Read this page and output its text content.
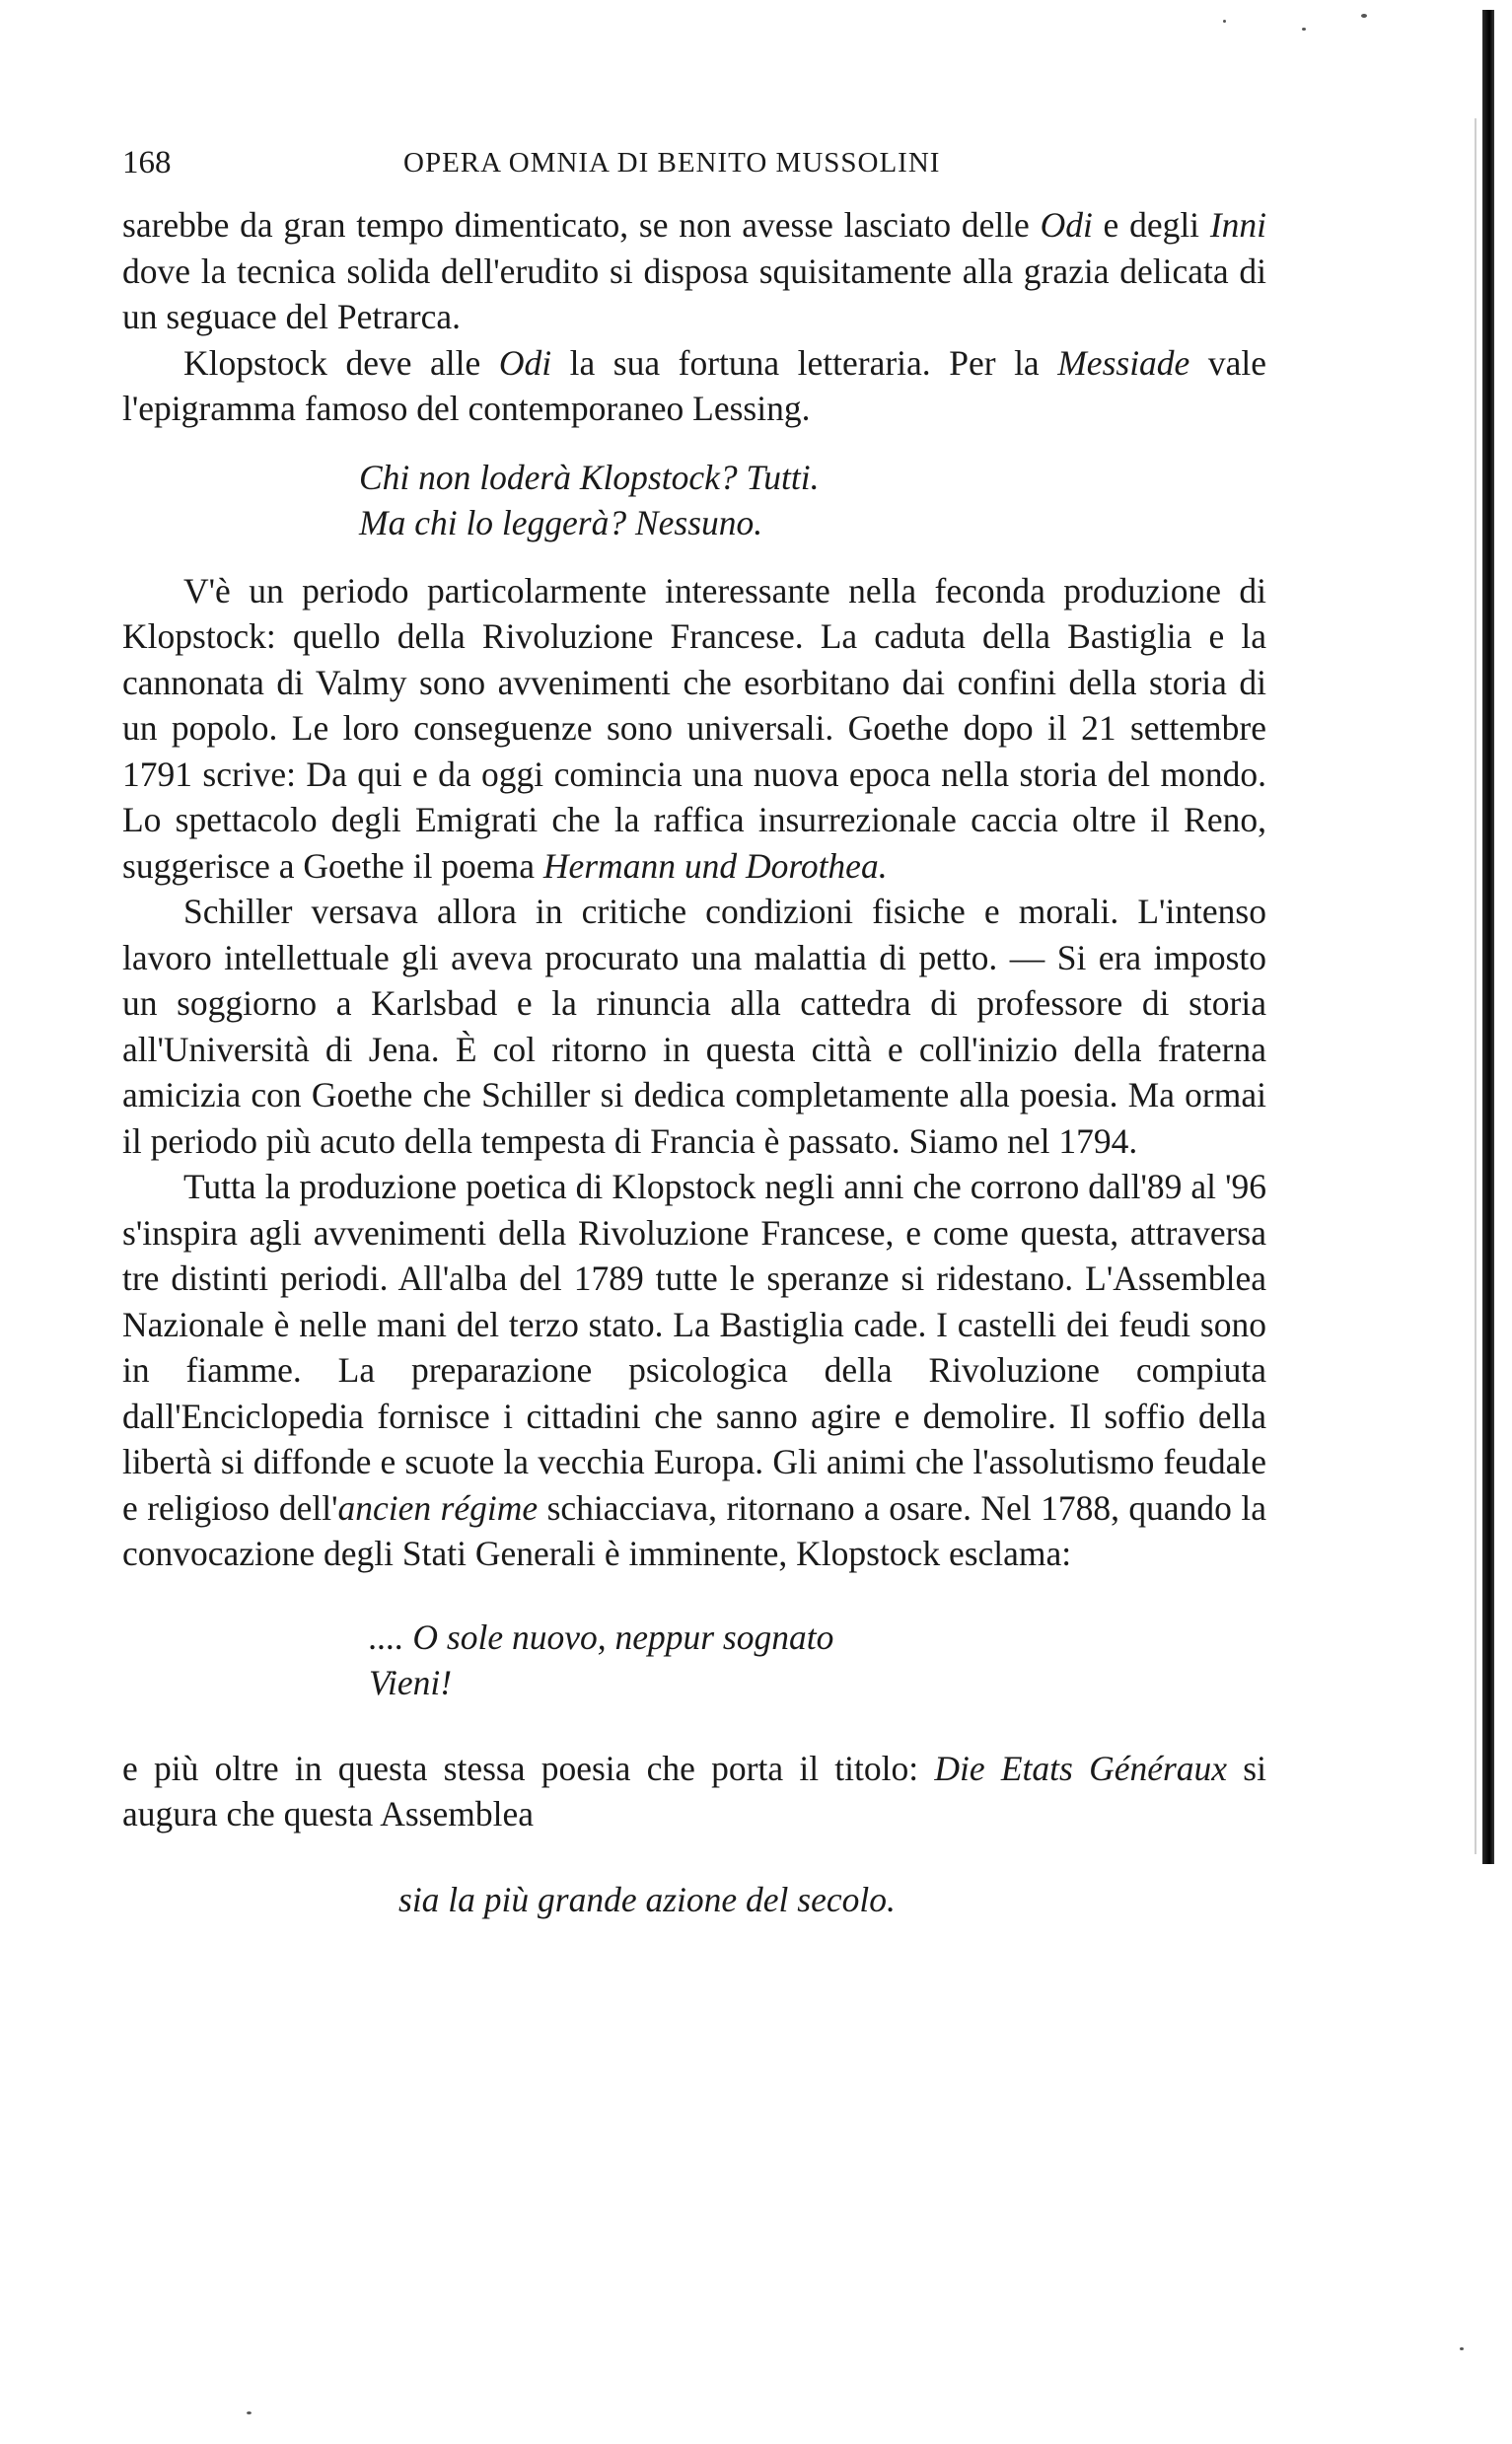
168	OPERA OMNIA DI BENITO MUSSOLINI

sarebbe da gran tempo dimenticato, se non avesse lasciato delle Odi e degli Inni dove la tecnica solida dell'erudito si disposa squisitamente alla grazia delicata di un seguace del Petrarca.

Klopstock deve alle Odi la sua fortuna letteraria. Per la Messiade vale l'epigramma famoso del contemporaneo Lessing.

Chi non loderà Klopstock? Tutti.
Ma chi lo leggerà? Nessuno.

V'è un periodo particolarmente interessante nella feconda produzione di Klopstock: quello della Rivoluzione Francese. La caduta della Bastiglia e la cannonata di Valmy sono avvenimenti che esorbitano dai confini della storia di un popolo. Le loro conseguenze sono universali. Goethe dopo il 21 settembre 1791 scrive: Da qui e da oggi comincia una nuova epoca nella storia del mondo. Lo spettacolo degli Emigrati che la raffica insurrezionale caccia oltre il Reno, suggerisce a Goethe il poema Hermann und Dorothea.

Schiller versava allora in critiche condizioni fisiche e morali. L'intenso lavoro intellettuale gli aveva procurato una malattia di petto. — Si era imposto un soggiorno a Karlsbad e la rinuncia alla cattedra di professore di storia all'Università di Jena. È col ritorno in questa città e coll'inizio della fraterna amicizia con Goethe che Schiller si dedica completamente alla poesia. Ma ormai il periodo più acuto della tempesta di Francia è passato. Siamo nel 1794.

Tutta la produzione poetica di Klopstock negli anni che corrono dall'89 al '96 s'inspira agli avvenimenti della Rivoluzione Francese, e come questa, attraversa tre distinti periodi. All'alba del 1789 tutte le speranze si ridestano. L'Assemblea Nazionale è nelle mani del terzo stato. La Bastiglia cade. I castelli dei feudi sono in fiamme. La preparazione psicologica della Rivoluzione compiuta dall'Enciclopedia fornisce i cittadini che sanno agire e demolire. Il soffio della libertà si diffonde e scuote la vecchia Europa. Gli animi che l'assolutismo feudale e religioso dell'ancien régime schiacciava, ritornano a osare. Nel 1788, quando la convocazione degli Stati Generali è imminente, Klopstock esclama:

.... O sole nuovo, neppur sognato
Vieni!

e più oltre in questa stessa poesia che porta il titolo: Die Etats Généraux si augura che questa Assemblea

sia la più grande azione del secolo.
